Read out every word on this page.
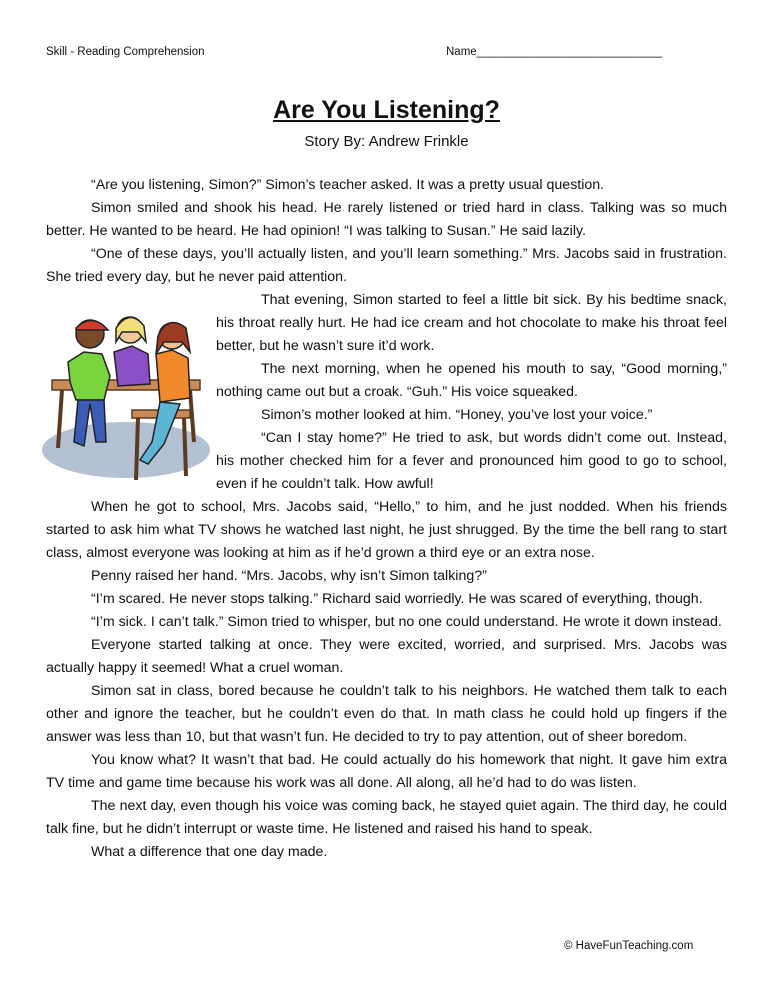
Skill - Reading Comprehension	Name_____________________________
Are You Listening?
Story By: Andrew Frinkle

“Are you listening, Simon?” Simon’s teacher asked. It was a pretty usual question.

Simon smiled and shook his head. He rarely listened or tried hard in class. Talking was so much better. He wanted to be heard. He had opinion! “I was talking to Susan.” He said lazily.

“One of these days, you’ll actually listen, and you’ll learn something.” Mrs. Jacobs said in frustration. She tried every day, but he never paid attention.

That evening, Simon started to feel a little bit sick. By his bedtime snack, his throat really hurt. He had ice cream and hot chocolate to make his throat feel better, but he wasn’t sure it’d work.

The next morning, when he opened his mouth to say, “Good morning,” nothing came out but a croak. “Guh.” His voice squeaked.

Simon’s mother looked at him. “Honey, you’ve lost your voice.”

“Can I stay home?” He tried to ask, but words didn’t come out. Instead, his mother checked him for a fever and pronounced him good to go to school, even if he couldn’t talk. How awful!

When he got to school, Mrs. Jacobs said, “Hello,” to him, and he just nodded. When his friends started to ask him what TV shows he watched last night, he just shrugged. By the time the bell rang to start class, almost everyone was looking at him as if he’d grown a third eye or an extra nose.

Penny raised her hand. “Mrs. Jacobs, why isn’t Simon talking?”

“I’m scared. He never stops talking.” Richard said worriedly. He was scared of everything, though.

“I’m sick. I can’t talk.” Simon tried to whisper, but no one could understand. He wrote it down instead.

Everyone started talking at once. They were excited, worried, and surprised. Mrs. Jacobs was actually happy it seemed! What a cruel woman.

Simon sat in class, bored because he couldn’t talk to his neighbors. He watched them talk to each other and ignore the teacher, but he couldn’t even do that. In math class he could hold up fingers if the answer was less than 10, but that wasn’t fun. He decided to try to pay attention, out of sheer boredom.

You know what? It wasn’t that bad. He could actually do his homework that night. It gave him extra TV time and game time because his work was all done. All along, all he’d had to do was listen.

The next day, even though his voice was coming back, he stayed quiet again. The third day, he could talk fine, but he didn’t interrupt or waste time. He listened and raised his hand to speak.

What a difference that one day made.

© HaveFunTeaching.com
